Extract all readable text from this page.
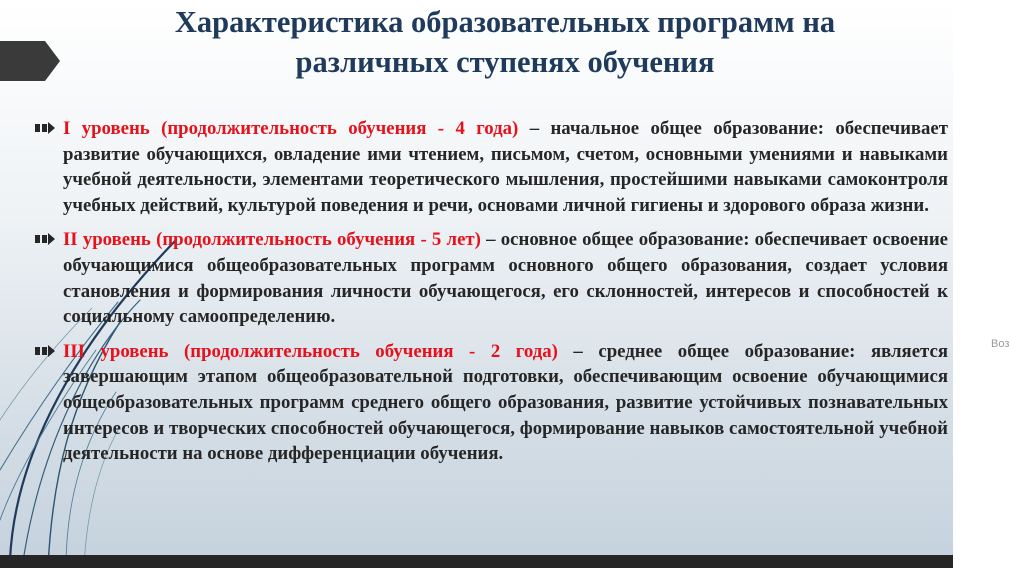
Характеристика образовательных программ на
различных ступенях обучения
I уровень (продолжительность обучения - 4 года) – начальное общее образование: обеспечивает развитие обучающихся, овладение ими чтением, письмом, счетом, основными умениями и навыками учебной деятельности, элементами теоретического мышления, простейшими навыками самоконтроля учебных действий, культурой поведения и речи, основами личной гигиены и здорового образа жизни.
II уровень (продолжительность обучения - 5 лет) – основное общее образование: обеспечивает освоение обучающимися общеобразовательных программ основного общего образования, создает условия становления и формирования личности обучающегося, его склонностей, интересов и способностей к социальному самоопределению.
III уровень (продолжительность обучения - 2 года) – среднее общее образование: является завершающим этапом общеобразовательной подготовки, обеспечивающим освоение обучающимися общеобразовательных программ среднего общего образования, развитие устойчивых познавательных интересов и творческих способностей обучающегося, формирование навыков самостоятельной учебной деятельности на основе дифференциации обучения.
Воз
